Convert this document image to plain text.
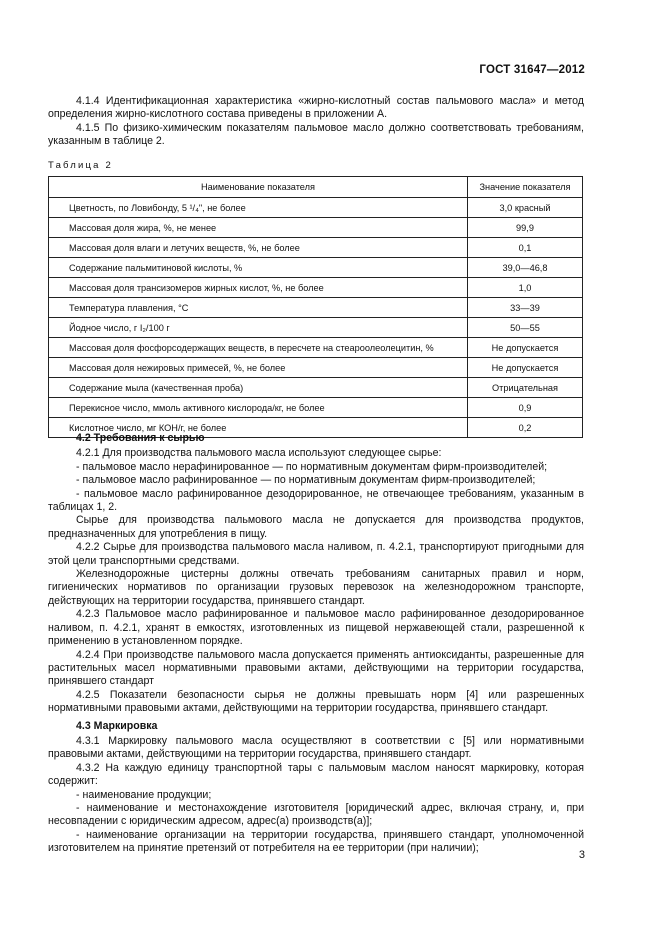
ГОСТ 31647—2012

4.1.4 Идентификационная характеристика «жирно-кислотный состав пальмового масла» и метод определения жирно-кислотного состава приведены в приложении А.

4.1.5 По физико-химическим показателям пальмовое масло должно соответствовать требованиям, указанным в таблице 2.

Таблица 2
Наименование показателя	Значение показателя
Цветность, по Ловибонду, 5 ¹/₄", не более	3,0 красный
Массовая доля жира, %, не менее	99,9
Массовая доля влаги и летучих веществ, %, не более	0,1
Содержание пальмитиновой кислоты, %	39,0—46,8
Массовая доля трансизомеров жирных кислот, %, не более	1,0
Температура плавления, °С	33—39
Йодное число, г I₂/100 г	50—55
Массовая доля фосфорсодержащих веществ, в пересчете на стеароолеолецитин, %	Не допускается
Массовая доля нежировых примесей, %, не более	Не допускается
Содержание мыла (качественная проба)	Отрицательная
Перекисное число, ммоль активного кислорода/кг, не более	0,9
Кислотное число, мг КОН/г, не более	0,2
4.2 Требования к сырью

4.2.1 Для производства пальмового масла используют следующее сырье:

- пальмовое масло нерафинированное — по нормативным документам фирм-производителей;

- пальмовое масло рафинированное — по нормативным документам фирм-производителей;

- пальмовое масло рафинированное дезодорированное, не отвечающее требованиям, указанным в таблицах 1, 2.

Сырье для производства пальмового масла не допускается для производства продуктов, предназначенных для употребления в пищу.

4.2.2 Сырье для производства пальмового масла наливом, п. 4.2.1, транспортируют пригодными для этой цели транспортными средствами.

Железнодорожные цистерны должны отвечать требованиям санитарных правил и норм, гигиенических нормативов по организации грузовых перевозок на железнодорожном транспорте, действующих на территории государства, принявшего стандарт.

4.2.3 Пальмовое масло рафинированное и пальмовое масло рафинированное дезодорированное наливом, п. 4.2.1, хранят в емкостях, изготовленных из пищевой нержавеющей стали, разрешенной к применению в установленном порядке.

4.2.4 При производстве пальмового масла допускается применять антиоксиданты, разрешенные для растительных масел нормативными правовыми актами, действующими на территории государства, принявшего стандарт

4.2.5 Показатели безопасности сырья не должны превышать норм [4] или разрешенных нормативными правовыми актами, действующими на территории государства, принявшего стандарт.

4.3 Маркировка

4.3.1 Маркировку пальмового масла осуществляют в соответствии с [5] или нормативными правовыми актами, действующими на территории государства, принявшего стандарт.

4.3.2 На каждую единицу транспортной тары с пальмовым маслом наносят маркировку, которая содержит:

- наименование продукции;

- наименование и местонахождение изготовителя [юридический адрес, включая страну, и, при несовпадении с юридическим адресом, адрес(а) производств(а)];

- наименование организации на территории государства, принявшего стандарт, уполномоченной изготовителем на принятие претензий от потребителя на ее территории (при наличии);

3
